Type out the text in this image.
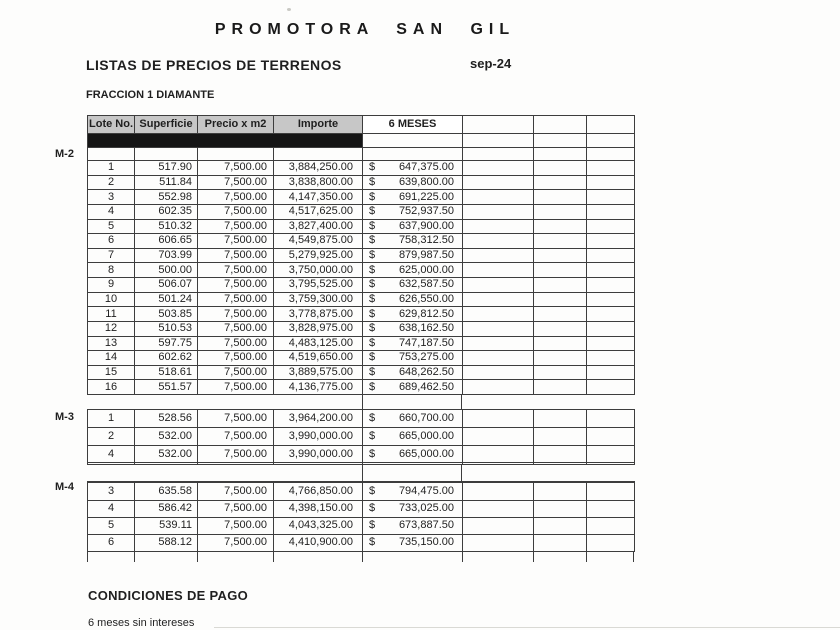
PROMOTORA SAN GIL
LISTAS DE PRECIOS DE TERRENOS	sep-24
FRACCION 1 DIAMANTE
M-2
M-3
M-4
Lote No.	Superficie	Precio x m2	Importe	6 MESES			

1	517.90	7,500.00	3,884,250.00	$ 647,375.00			

2	511.84	7,500.00	3,838,800.00	$ 639,800.00			

3	552.98	7,500.00	4,147,350.00	$ 691,225.00			

4	602.35	7,500.00	4,517,625.00	$ 752,937.50			

5	510.32	7,500.00	3,827,400.00	$ 637,900.00			

6	606.65	7,500.00	4,549,875.00	$ 758,312.50			

7	703.99	7,500.00	5,279,925.00	$ 879,987.50			

8	500.00	7,500.00	3,750,000.00	$ 625,000.00			

9	506.07	7,500.00	3,795,525.00	$ 632,587.50			

10	501.24	7,500.00	3,759,300.00	$ 626,550.00			

11	503.85	7,500.00	3,778,875.00	$ 629,812.50			

12	510.53	7,500.00	3,828,975.00	$ 638,162.50			

13	597.75	7,500.00	4,483,125.00	$ 747,187.50			

14	602.62	7,500.00	4,519,650.00	$ 753,275.00			

15	518.61	7,500.00	3,889,575.00	$ 648,262.50			

16	551.57	7,500.00	4,136,775.00	$ 689,462.50			

1	528.56	7,500.00	3,964,200.00	$ 660,700.00			

2	532.00	7,500.00	3,990,000.00	$ 665,000.00			

4	532.00	7,500.00	3,990,000.00	$ 665,000.00			

3	635.58	7,500.00	4,766,850.00	$ 794,475.00			

4	586.42	7,500.00	4,398,150.00	$ 733,025.00			

5	539.11	7,500.00	4,043,325.00	$ 673,887.50			

6	588.12	7,500.00	4,410,900.00	$ 735,150.00			

CONDICIONES DE PAGO
6 meses sin intereses
